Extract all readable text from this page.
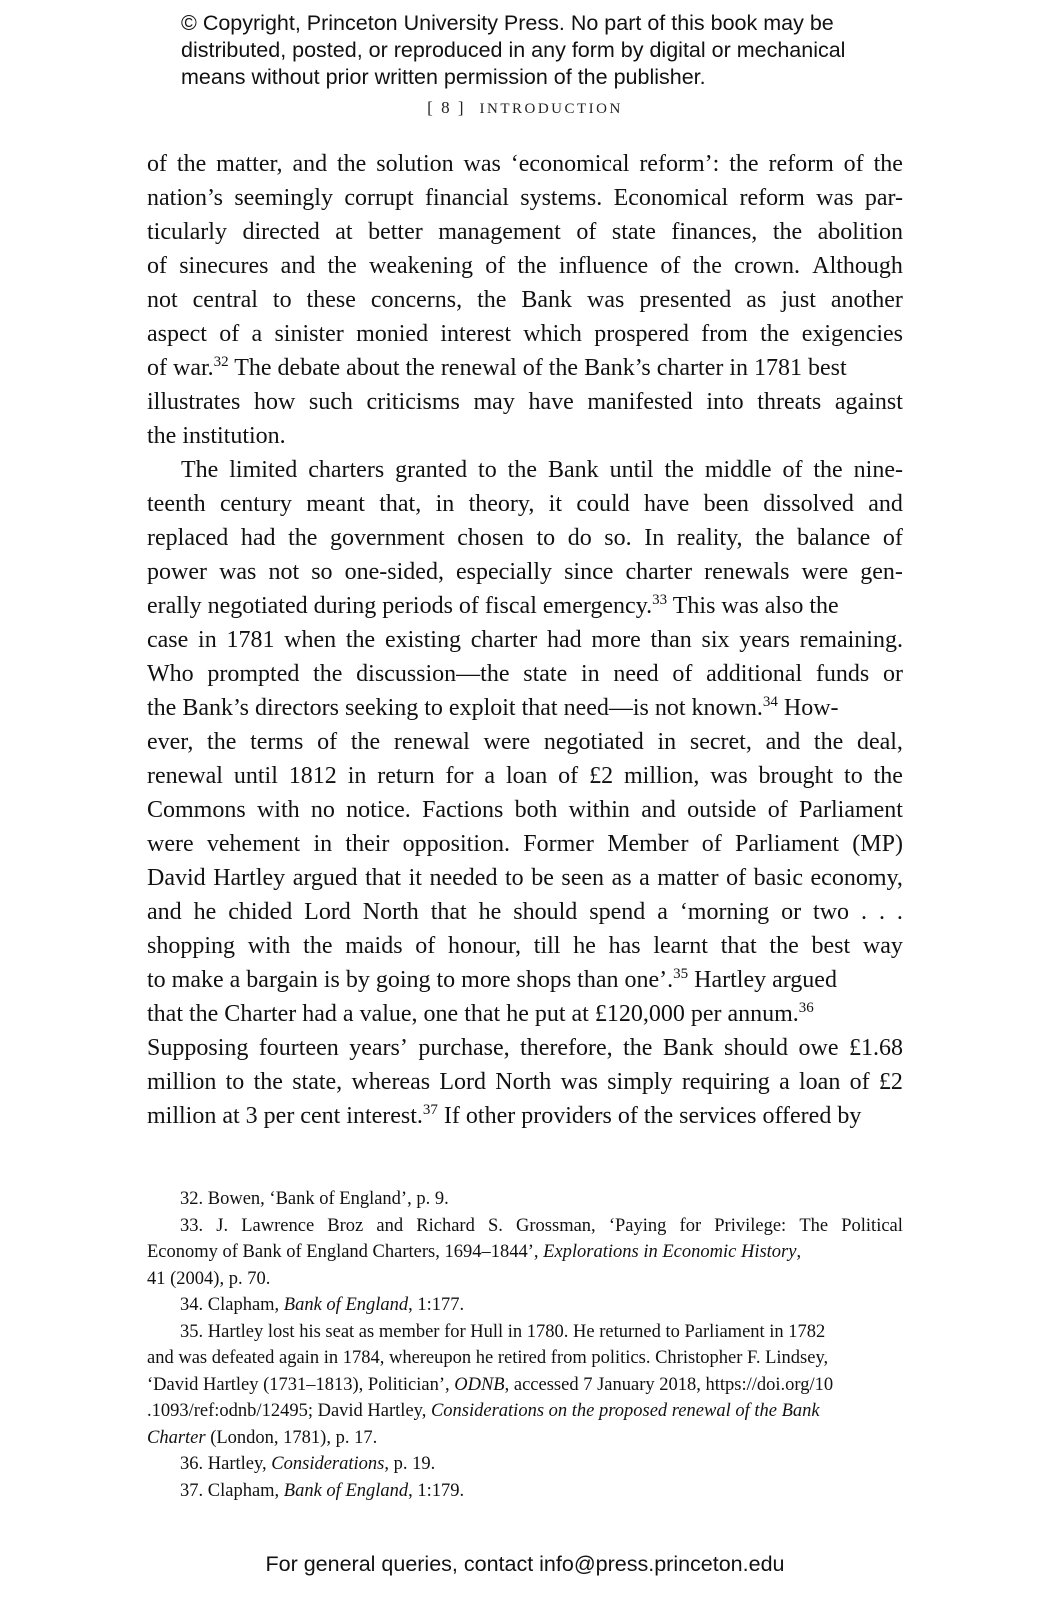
© Copyright, Princeton University Press. No part of this book may be
distributed, posted, or reproduced in any form by digital or mechanical
means without prior written permission of the publisher.
[ 8 ] INTRODUCTION
of the matter, and the solution was ‘economical reform’: the reform of the
nation’s seemingly corrupt financial systems. Economical reform was par-
ticularly directed at better management of state finances, the abolition
of sinecures and the weakening of the influence of the crown. Although
not central to these concerns, the Bank was presented as just another
aspect of a sinister monied interest which prospered from the exigencies
of war.$^{32}$ The debate about the renewal of the Bank’s charter in 1781 best
illustrates how such criticisms may have manifested into threats against
the institution.
The limited charters granted to the Bank until the middle of the nine-
teenth century meant that, in theory, it could have been dissolved and
replaced had the government chosen to do so. In reality, the balance of
power was not so one-sided, especially since charter renewals were gen-
erally negotiated during periods of fiscal emergency.$^{33}$ This was also the
case in 1781 when the existing charter had more than six years remaining.
Who prompted the discussion—the state in need of additional funds or
the Bank’s directors seeking to exploit that need—is not known.$^{34}$ How-
ever, the terms of the renewal were negotiated in secret, and the deal,
renewal until 1812 in return for a loan of £2 million, was brought to the
Commons with no notice. Factions both within and outside of Parliament
were vehement in their opposition. Former Member of Parliament (MP)
David Hartley argued that it needed to be seen as a matter of basic economy,
and he chided Lord North that he should spend a ‘morning or two . . .
shopping with the maids of honour, till he has learnt that the best way
to make a bargain is by going to more shops than one’.$^{35}$ Hartley argued
that the Charter had a value, one that he put at £120,000 per annum.$^{36}$
Supposing fourteen years’ purchase, therefore, the Bank should owe £1.68
million to the state, whereas Lord North was simply requiring a loan of £2
million at 3 per cent interest.$^{37}$ If other providers of the services offered by
32. Bowen, ‘Bank of England’, p. 9.
33. J. Lawrence Broz and Richard S. Grossman, ‘Paying for Privilege: The Political
Economy of Bank of England Charters, 1694–1844’, Explorations in Economic History,
41 (2004), p. 70.
34. Clapham, Bank of England, 1:177.
35. Hartley lost his seat as member for Hull in 1780. He returned to Parliament in 1782
and was defeated again in 1784, whereupon he retired from politics. Christopher F. Lindsey,
‘David Hartley (1731–1813), Politician’, ODNB, accessed 7 January 2018, https://doi.org/10
.1093/ref:odnb/12495; David Hartley, Considerations on the proposed renewal of the Bank
Charter (London, 1781), p. 17.
36. Hartley, Considerations, p. 19.
37. Clapham, Bank of England, 1:179.
For general queries, contact info@press.princeton.edu
